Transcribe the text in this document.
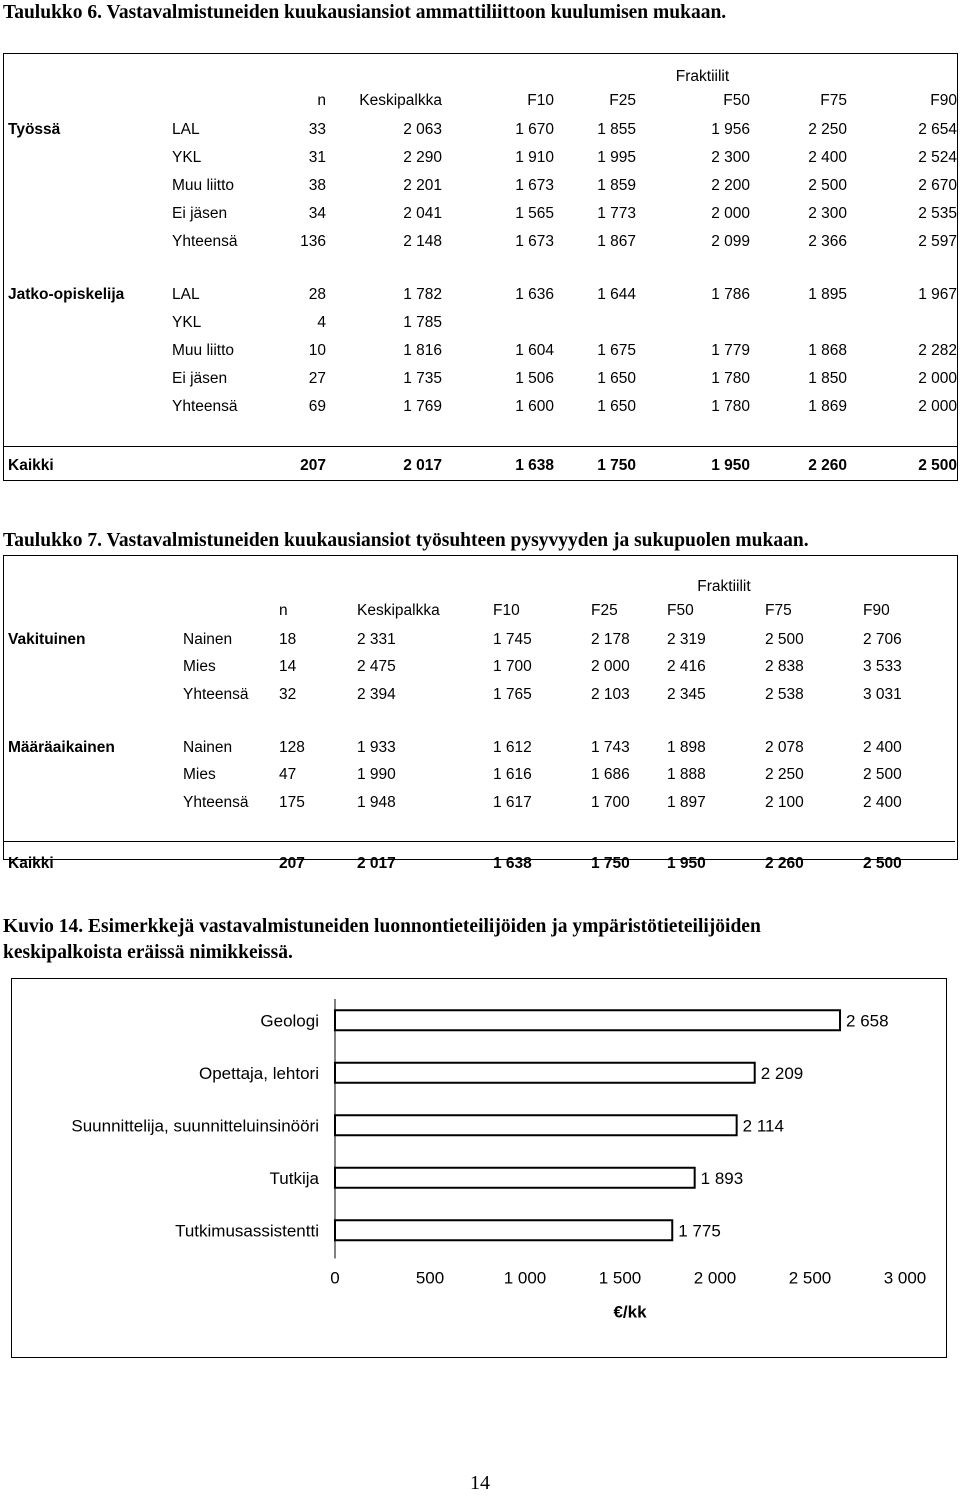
Taulukko 6. Vastavalmistuneiden kuukausiansiot ammattiliittoon kuulumisen mukaan.
				Fraktiilit				
		n	Keskipalkka	F10	F25	F50	F75	F90
Työssä	LAL	33	2 063	1 670	1 855	1 956	2 250	2 654
	YKL	31	2 290	1 910	1 995	2 300	2 400	2 524
	Muu liitto	38	2 201	1 673	1 859	2 200	2 500	2 670
	Ei jäsen	34	2 041	1 565	1 773	2 000	2 300	2 535
	Yhteensä	136	2 148	1 673	1 867	2 099	2 366	2 597

Jatko-opiskelija	LAL	28	1 782	1 636	1 644	1 786	1 895	1 967
	YKL	4	1 785					
	Muu liitto	10	1 816	1 604	1 675	1 779	1 868	2 282
	Ei jäsen	27	1 735	1 506	1 650	1 780	1 850	2 000
	Yhteensä	69	1 769	1 600	1 650	1 780	1 869	2 000

Kaikki		207	2 017	1 638	1 750	1 950	2 260	2 500
Taulukko 7. Vastavalmistuneiden kuukausiansiot työsuhteen pysyvyyden ja sukupuolen mukaan.
				Fraktiilit				
		n	Keskipalkka	F10	F25	F50	F75	F90
Vakituinen	Nainen	18	2 331	1 745	2 178	2 319	2 500	2 706
	Mies	14	2 475	1 700	2 000	2 416	2 838	3 533
	Yhteensä	32	2 394	1 765	2 103	2 345	2 538	3 031

Määräaikainen	Nainen	128	1 933	1 612	1 743	1 898	2 078	2 400
	Mies	47	1 990	1 616	1 686	1 888	2 250	2 500
	Yhteensä	175	1 948	1 617	1 700	1 897	2 100	2 400

Kaikki		207	2 017	1 638	1 750	1 950	2 260	2 500
Kuvio 14. Esimerkkejä vastavalmistuneiden luonnontieteilijöiden ja ympäristötieteilijöiden
keskipalkoista eräissä nimikkeissä.
Geologi	2 658
Opettaja, lehtori	2 209
Suunnittelija, suunnitteluinsinööri	2 114
Tutkija	1 893
Tutkimusassistentti	1 775
0	500	1 000	1 500	2 000	2 500	3 000
€/kk
14
